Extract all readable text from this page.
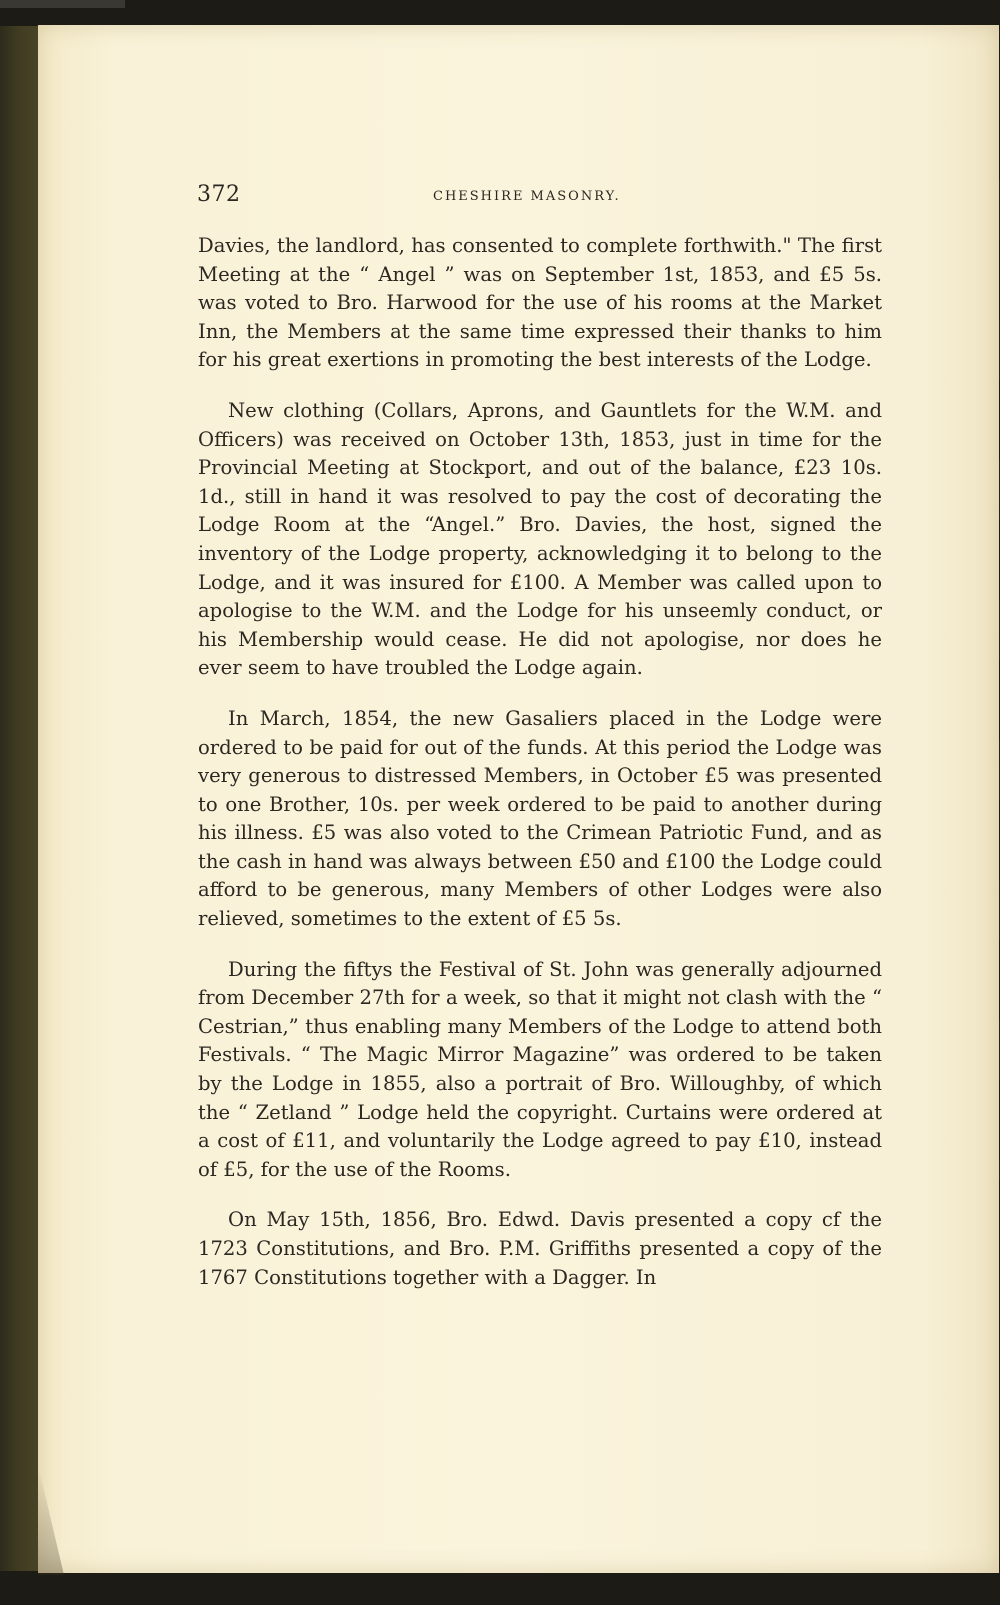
372	CHESHIRE MASONRY.

Davies, the landlord, has consented to complete forthwith." The first Meeting at the “ Angel ” was on September 1st, 1853, and £5 5s. was voted to Bro. Harwood for the use of his rooms at the Market Inn, the Members at the same time expressed their thanks to him for his great exertions in promoting the best interests of the Lodge.

New clothing (Collars, Aprons, and Gauntlets for the W.M. and Officers) was received on October 13th, 1853, just in time for the Provincial Meeting at Stockport, and out of the balance, £23 10s. 1d., still in hand it was resolved to pay the cost of decorating the Lodge Room at the “Angel.” Bro. Davies, the host, signed the inventory of the Lodge property, acknowledging it to belong to the Lodge, and it was insured for £100. A Member was called upon to apologise to the W.M. and the Lodge for his unseemly conduct, or his Membership would cease. He did not apologise, nor does he ever seem to have troubled the Lodge again.

In March, 1854, the new Gasaliers placed in the Lodge were ordered to be paid for out of the funds. At this period the Lodge was very generous to distressed Members, in October £5 was presented to one Brother, 10s. per week ordered to be paid to another during his illness. £5 was also voted to the Crimean Patriotic Fund, and as the cash in hand was always between £50 and £100 the Lodge could afford to be generous, many Members of other Lodges were also relieved, sometimes to the extent of £5 5s.

During the fiftys the Festival of St. John was generally adjourned from December 27th for a week, so that it might not clash with the “ Cestrian,” thus enabling many Members of the Lodge to attend both Festivals. “ The Magic Mirror Magazine” was ordered to be taken by the Lodge in 1855, also a portrait of Bro. Willoughby, of which the “ Zetland ” Lodge held the copyright. Curtains were ordered at a cost of £11, and voluntarily the Lodge agreed to pay £10, instead of £5, for the use of the Rooms.

On May 15th, 1856, Bro. Edwd. Davis presented a copy cf the 1723 Constitutions, and Bro. P.M. Griffiths presented a copy of the 1767 Constitutions together with a Dagger. In
